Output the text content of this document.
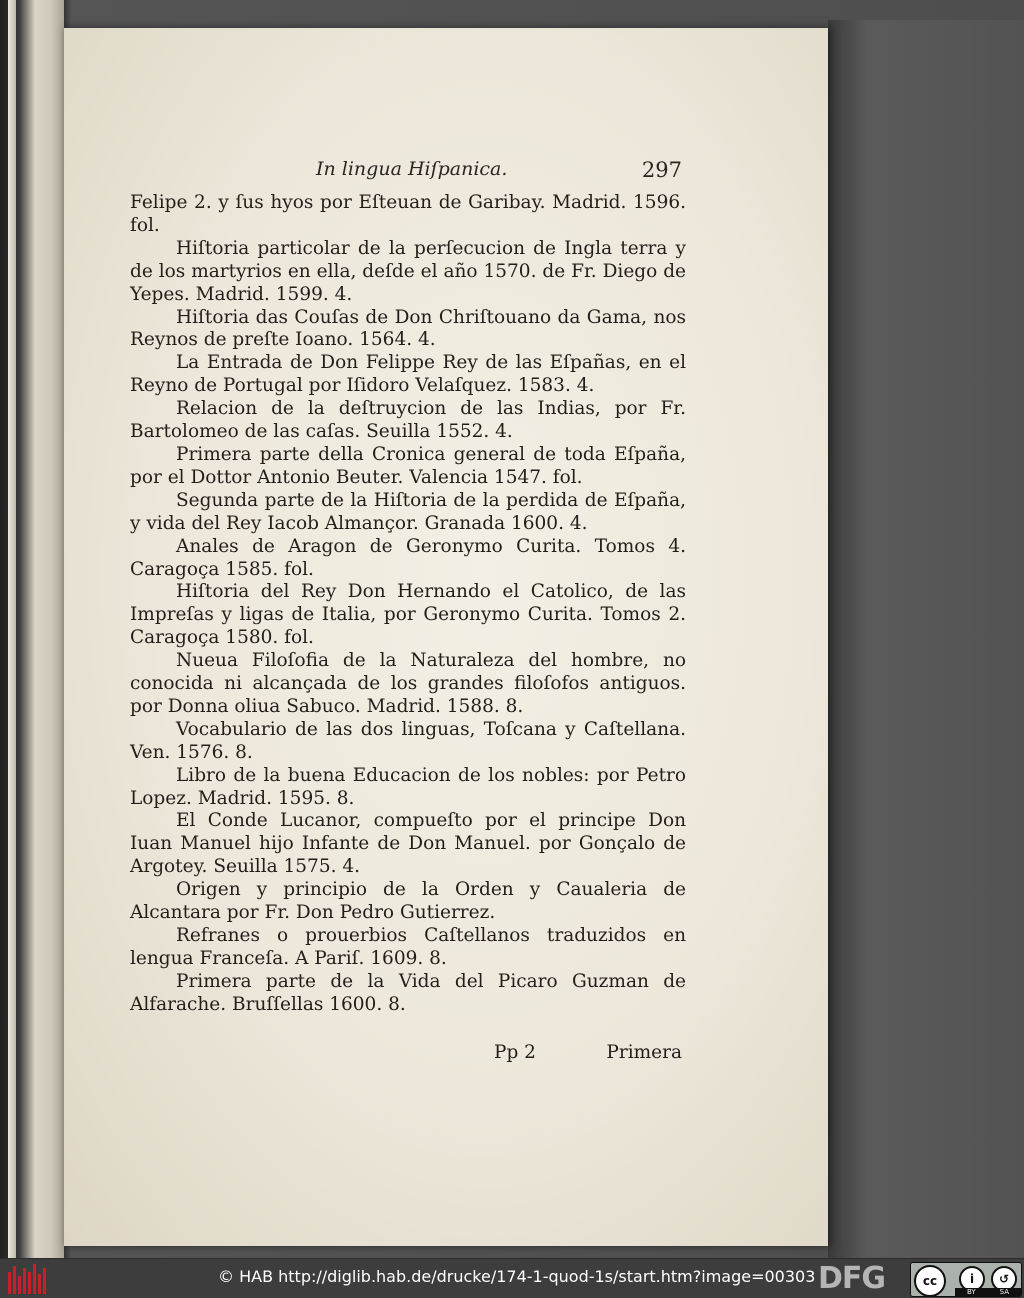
In lingua Hiſpanica.	297

Felipe 2. y ſus hyos por Eſteuan de Garibay. Madrid. 1596. fol.

Hiſtoria particolar de la perſecucion de Ingla terra y de los martyrios en ella, deſde el año 1570. de Fr. Diego de Yepes. Madrid. 1599. 4.

Hiſtoria das Couſas de Don Chriſtouano da Gama, nos Reynos de preſte Ioano. 1564. 4.

La Entrada de Don Felippe Rey de las Eſpañas, en el Reyno de Portugal por Iſidoro Velaſquez. 1583. 4.

Relacion de la deſtruycion de las Indias, por Fr. Bartolomeo de las caſas. Seuilla 1552. 4.

Primera parte della Cronica general de toda Eſpaña, por el Dottor Antonio Beuter. Valencia 1547. fol.

Segunda parte de la Hiſtoria de la perdida de Eſpaña, y vida del Rey Iacob Almançor. Granada 1600. 4.

Anales de Aragon de Geronymo Curita. Tomos 4. Caragoça 1585. fol.

Hiſtoria del Rey Don Hernando el Catolico, de las Impreſas y ligas de Italia, por Geronymo Curita. Tomos 2. Caragoça 1580. fol.

Nueua Filoſofia de la Naturaleza del hombre, no conocida ni alcançada de los grandes filoſofos antiguos. por Donna oliua Sabuco. Madrid. 1588. 8.

Vocabulario de las dos linguas, Toſcana y Caſtellana. Ven. 1576. 8.

Libro de la buena Educacion de los nobles: por Petro Lopez. Madrid. 1595. 8.

El Conde Lucanor, compueſto por el principe Don Iuan Manuel hijo Infante de Don Manuel. por Gonçalo de Argotey. Seuilla 1575. 4.

Origen y principio de la Orden y Caualeria de Alcantara por Fr. Don Pedro Gutierrez.

Refranes o prouerbios Caſtellanos traduzidos en lengua Franceſa. A Pariſ. 1609. 8.

Primera parte de la Vida del Picaro Guzman de Alfarache. Bruſſellas 1600. 8.

Pp 2	Primera
© HAB http://diglib.hab.de/drucke/174-1-quod-1s/start.htm?image=00303 DFG	cc	i	↺
BY	SA
